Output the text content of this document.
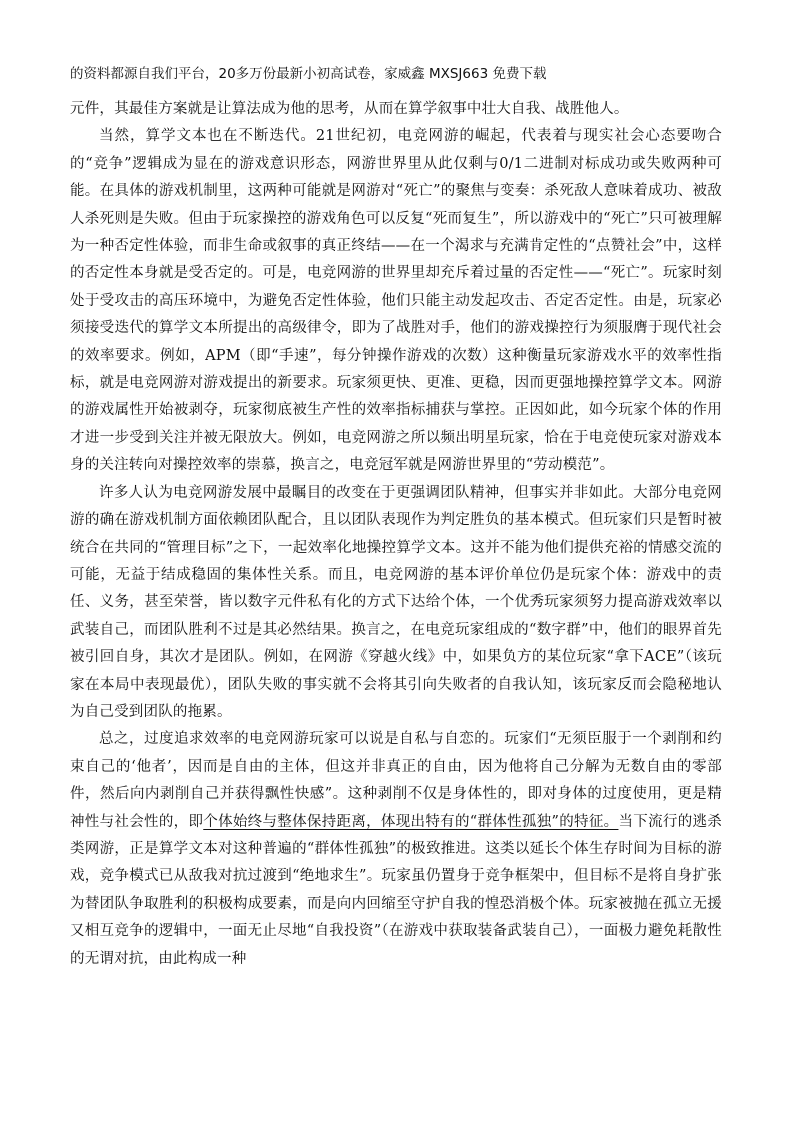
的资料都源自我们平台，20多万份最新小初高试卷，家威鑫 MXSJ663 免费下载

元件，其最佳方案就是让算法成为他的思考，从而在算学叙事中壮大自我、战胜他人。

当然，算学文本也在不断迭代。21世纪初，电竞网游的崛起，代表着与现实社会心态要吻合的“竞争”逻辑成为显在的游戏意识形态，网游世界里从此仅剩与0/1二进制对标成功或失败两种可能。在具体的游戏机制里，这两种可能就是网游对“死亡”的聚焦与变奏：杀死敌人意味着成功、被敌人杀死则是失败。但由于玩家操控的游戏角色可以反复“死而复生”，所以游戏中的“死亡”只可被理解为一种否定性体验，而非生命或叙事的真正终结——在一个渴求与充满肯定性的“点赞社会”中，这样的否定性本身就是受否定的。可是，电竞网游的世界里却充斥着过量的否定性——“死亡”。玩家时刻处于受攻击的高压环境中，为避免否定性体验，他们只能主动发起攻击、否定否定性。由是，玩家必须接受迭代的算学文本所提出的高级律令，即为了战胜对手，他们的游戏操控行为须服膺于现代社会的效率要求。例如，APM（即“手速”，每分钟操作游戏的次数）这种衡量玩家游戏水平的效率性指标，就是电竞网游对游戏提出的新要求。玩家须更快、更准、更稳，因而更强地操控算学文本。网游的游戏属性开始被剥夺，玩家彻底被生产性的效率指标捕获与掌控。正因如此，如今玩家个体的作用才进一步受到关注并被无限放大。例如，电竞网游之所以频出明星玩家，恰在于电竞使玩家对游戏本身的关注转向对操控效率的崇慕，换言之，电竞冠军就是网游世界里的“劳动模范”。

许多人认为电竞网游发展中最瞩目的改变在于更强调团队精神，但事实并非如此。大部分电竞网游的确在游戏机制方面依赖团队配合，且以团队表现作为判定胜负的基本模式。但玩家们只是暂时被统合在共同的“管理目标”之下，一起效率化地操控算学文本。这并不能为他们提供充裕的情感交流的可能，无益于结成稳固的集体性关系。而且，电竞网游的基本评价单位仍是玩家个体：游戏中的责任、义务，甚至荣誉，皆以数字元件私有化的方式下达给个体，一个优秀玩家须努力提高游戏效率以武装自己，而团队胜利不过是其必然结果。换言之，在电竞玩家组成的“数字群”中，他们的眼界首先被引回自身，其次才是团队。例如，在网游《穿越火线》中，如果负方的某位玩家“拿下ACE”（该玩家在本局中表现最优），团队失败的事实就不会将其引向失败者的自我认知，该玩家反而会隐秘地认为自己受到团队的拖累。

总之，过度追求效率的电竞网游玩家可以说是自私与自恋的。玩家们“无须臣服于一个剥削和约束自己的‘他者’，因而是自由的主体，但这并非真正的自由，因为他将自己分解为无数自由的零部件，然后向内剥削自己并获得飘性快感”。这种剥削不仅是身体性的，即对身体的过度使用，更是精神性与社会性的，即个体始终与整体保持距离，体现出特有的“群体性孤独”的特征。当下流行的逃杀类网游，正是算学文本对这种普遍的“群体性孤独”的极致推进。这类以延长个体生存时间为目标的游戏，竞争模式已从敌我对抗过渡到“绝地求生”。玩家虽仍置身于竞争框架中，但目标不是将自身扩张为替团队争取胜利的积极构成要素，而是向内回缩至守护自我的惶恐消极个体。玩家被抛在孤立无援又相互竞争的逻辑中，一面无止尽地“自我投资”（在游戏中获取装备武装自己），一面极力避免耗散性的无谓对抗，由此构成一种
